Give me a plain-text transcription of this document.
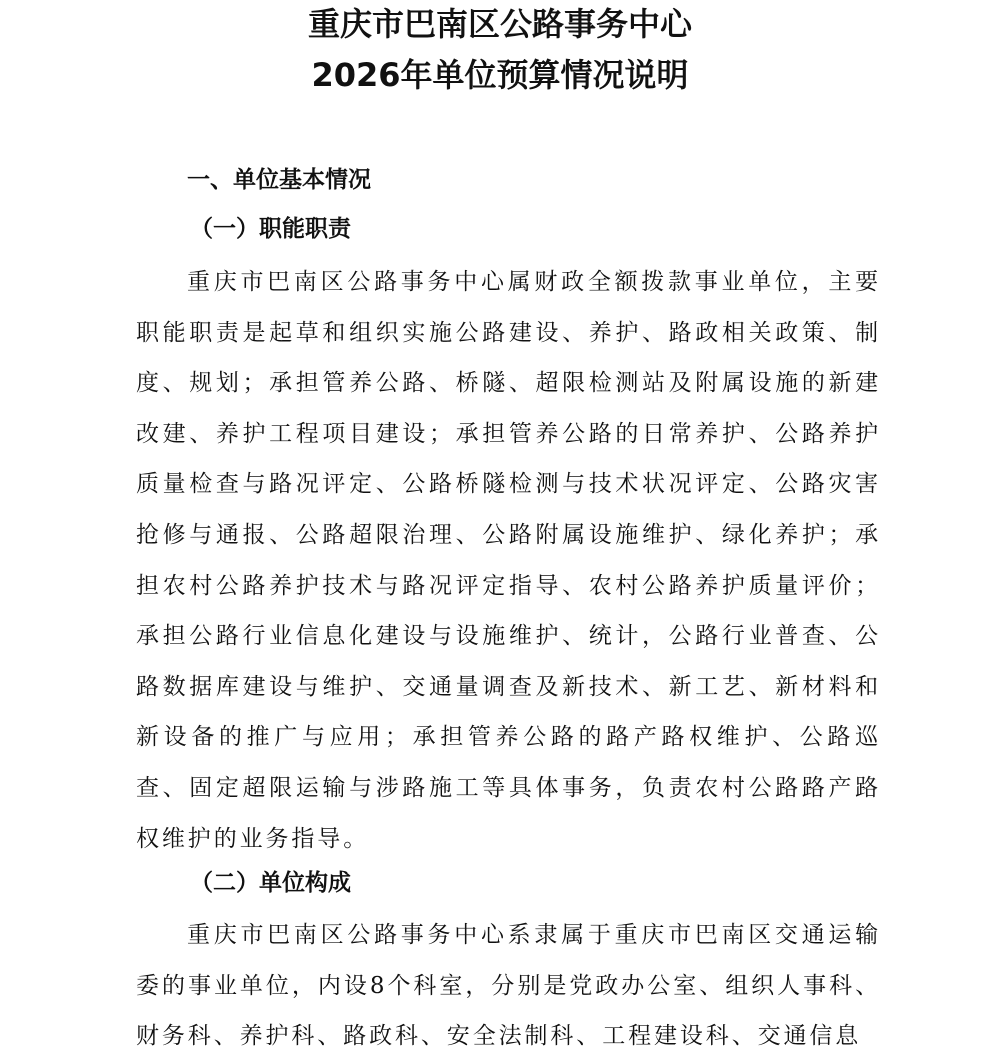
重庆市巴南区公路事务中心
2026年单位预算情况说明
一、单位基本情况
（一）职能职责

重庆市巴南区公路事务中心属财政全额拨款事业单位，主要职能职责是起草和组织实施公路建设、养护、路政相关政策、制度、规划；承担管养公路、桥隧、超限检测站及附属设施的新建改建、养护工程项目建设；承担管养公路的日常养护、公路养护质量检查与路况评定、公路桥隧检测与技术状况评定、公路灾害抢修与通报、公路超限治理、公路附属设施维护、绿化养护；承担农村公路养护技术与路况评定指导、农村公路养护质量评价；承担公路行业信息化建设与设施维护、统计，公路行业普查、公路数据库建设与维护、交通量调查及新技术、新工艺、新材料和新设备的推广与应用；承担管养公路的路产路权维护、公路巡查、固定超限运输与涉路施工等具体事务，负责农村公路路产路权维护的业务指导。

（二）单位构成

重庆市巴南区公路事务中心系隶属于重庆市巴南区交通运输委的事业单位，内设8个科室，分别是党政办公室、组织人事科、财务科、养护科、路政科、安全法制科、工程建设科、交通信息
